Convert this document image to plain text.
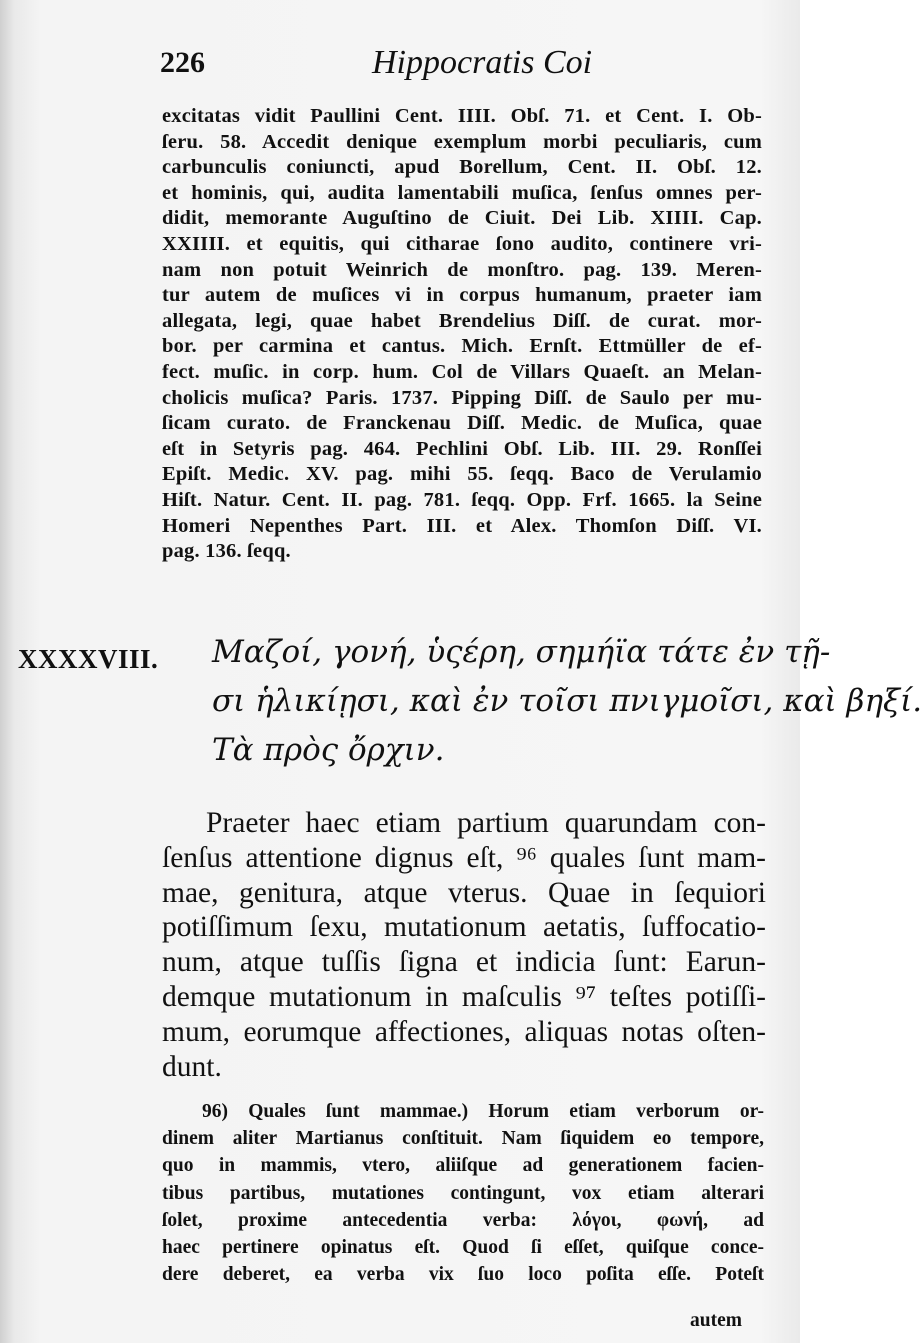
226	Hippocratis Coi
excitatas vidit Paullini Cent. IIII. Obſ. 71. et Cent. I. Ob-
ſeru. 58. Accedit denique exemplum morbi peculiaris, cum
carbunculis coniuncti, apud Borellum, Cent. II. Obſ. 12.
et hominis, qui, audita lamentabili muſica, ſenſus omnes per-
didit, memorante Auguſtino de Ciuit. Dei Lib. XIIII. Cap.
XXIIII. et equitis, qui citharae ſono audito, continere vri-
nam non potuit Weinrich de monſtro. pag. 139. Meren-
tur autem de muſices vi in corpus humanum, praeter iam
allegata, legi, quae habet Brendelius Diſſ. de curat. mor-
bor. per carmina et cantus. Mich. Ernſt. Ettmüller de ef-
fect. muſic. in corp. hum. Col de Villars Quaeſt. an Melan-
cholicis muſica? Paris. 1737. Pipping Diſſ. de Saulo per mu-
ſicam curato. de Franckenau Diſſ. Medic. de Muſica, quae
eſt in Setyris pag. 464. Pechlini Obſ. Lib. III. 29. Ronſſei
Epiſt. Medic. XV. pag. mihi 55. ſeqq. Baco de Verulamio
Hiſt. Natur. Cent. II. pag. 781. ſeqq. Opp. Frf. 1665. la Seine
Homeri Nepenthes Part. III. et Alex. Thomſon Diſſ. VI.
pag. 136. ſeqq.
XXXXVIII. Μαζοί, γονή, ὑςέρη, σημήϊα τάτε ἐν τῇ-
σι ἡλικίῃσι, καὶ ἐν τοῖσι πνιγμοῖσι, καὶ βηξί.
Τὰ πρὸς ὄρχιν.
Praeter haec etiam partium quarundam con-
ſenſus attentione dignus eſt, ⁹⁶ quales ſunt mam-
mae, genitura, atque vterus. Quae in ſequiori
potiſſimum ſexu, mutationum aetatis, ſuffocatio-
num, atque tuſſis ſigna et indicia ſunt: Earun-
demque mutationum in maſculis ⁹⁷ teſtes potiſſi-
mum, eorumque affectiones, aliquas notas oſten-
dunt.
96) Quales ſunt mammae.) Horum etiam verborum or-
dinem aliter Martianus conſtituit. Nam ſiquidem eo tempore,
quo in mammis, vtero, aliiſque ad generationem facien-
tibus partibus, mutationes contingunt, vox etiam alterari
ſolet, proxime antecedentia verba: λόγοι, φωνή, ad
haec pertinere opinatus eſt. Quod ſi eſſet, quiſque conce-
dere deberet, ea verba vix ſuo loco poſita eſſe. Poteſt
autem
